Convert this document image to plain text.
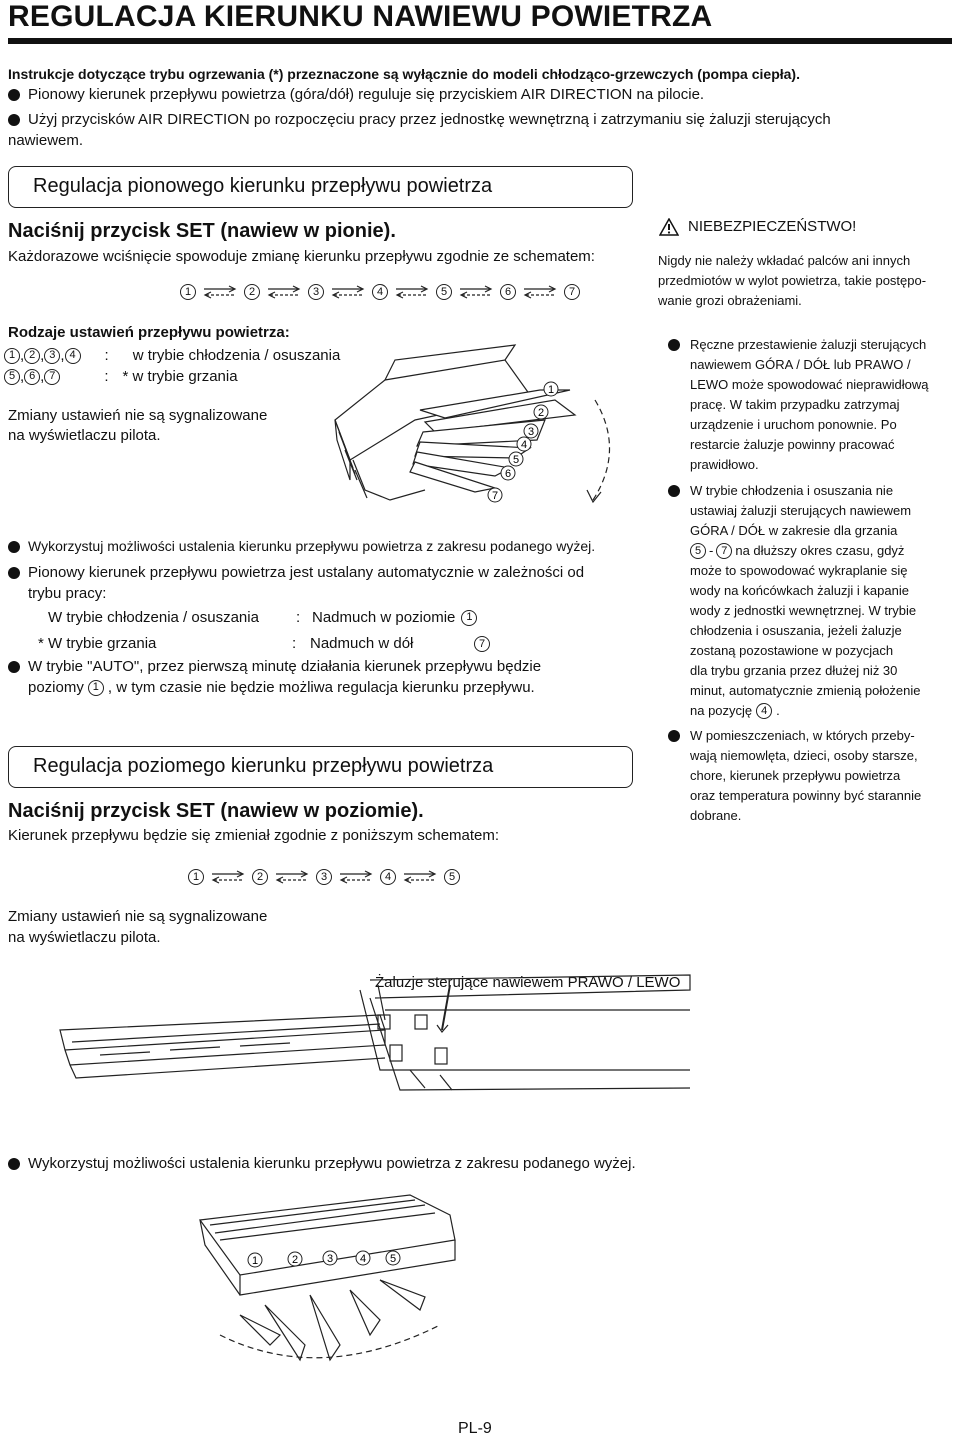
REGULACJA KIERUNKU NAWIEWU POWIETRZA
Instrukcje dotyczące trybu ogrzewania (*) przeznaczone są wyłącznie do modeli chłodząco-grzewczych (pompa ciepła).
Pionowy kierunek przepływu powietrza (góra/dół) reguluje się przyciskiem AIR DIRECTION na pilocie.
Użyj przycisków AIR DIRECTION po rozpoczęciu pracy przez jednostkę wewnętrzną i zatrzymaniu się żaluzji sterujących
nawiewem.
Regulacja pionowego kierunku przepływu powietrza
Naciśnij przycisk SET (nawiew w pionie).
Każdorazowe wciśnięcie spowoduje zmianę kierunku przepływu zgodnie ze schematem:
1	2	3	4	5	6	7
Rodzaje ustawień przepływu powietrza:
1 , 2 , 3 , 4	: w trybie chłodzenia / osuszania
5 , 6 , 7	: * w trybie grzania
Zmiany ustawień nie są sygnalizowane
na wyświetlaczu pilota.
1
2
3
4
5
6
7
Wykorzystuj możliwości ustalenia kierunku przepływu powietrza z zakresu podanego wyżej.
Pionowy kierunek przepływu powietrza jest ustalany automatycznie w zależności od
trybu pracy:
W trybie chłodzenia / osuszania : Nadmuch w poziomie 1
* W trybie grzania	: Nadmuch w dół	7
W trybie "AUTO", przez pierwszą minutę działania kierunek przepływu będzie
poziomy 1 , w tym czasie nie będzie możliwa regulacja kierunku przepływu.
Regulacja poziomego kierunku przepływu powietrza
Naciśnij przycisk SET (nawiew w poziomie).
Kierunek przepływu będzie się zmieniał zgodnie z poniższym schematem:
1	2	3	4	5
Zmiany ustawień nie są sygnalizowane
na wyświetlaczu pilota.
Żaluzje sterujące nawiewem PRAWO / LEWO
Wykorzystuj możliwości ustalenia kierunku przepływu powietrza z zakresu podanego wyżej.
1	2	3 4 5
NIEBEZPIECZEŃSTWO!
Nigdy nie należy wkładać palców ani innych
przedmiotów w wylot powietrza, takie postępo-
wanie grozi obrażeniami.
Ręczne przestawienie żaluzji sterujących
nawiewem GÓRA / DÓŁ lub PRAWO /
LEWO może spowodować nieprawidłową
pracę. W takim przypadku zatrzymaj
urządzenie i uruchom ponownie. Po
restarcie żaluzje powinny pracować
prawidłowo.
W trybie chłodzenia i osuszania nie
ustawiaj żaluzji sterujących nawiewem
GÓRA / DÓŁ w zakresie dla grzania
5 - 7 na dłuższy okres czasu, gdyż
może to spowodować wykraplanie się
wody na końcówkach żaluzji i kapanie
wody z jednostki wewnętrznej. W trybie
chłodzenia i osuszania, jeżeli żaluzje
zostaną pozostawione w pozycjach
dla trybu grzania przez dłużej niż 30
minut, automatycznie zmienią położenie
na pozycję 4 .
W pomieszczeniach, w których przeby-
wają niemowlęta, dzieci, osoby starsze,
chore, kierunek przepływu powietrza
oraz temperatura powinny być starannie
dobrane.
PL-9
